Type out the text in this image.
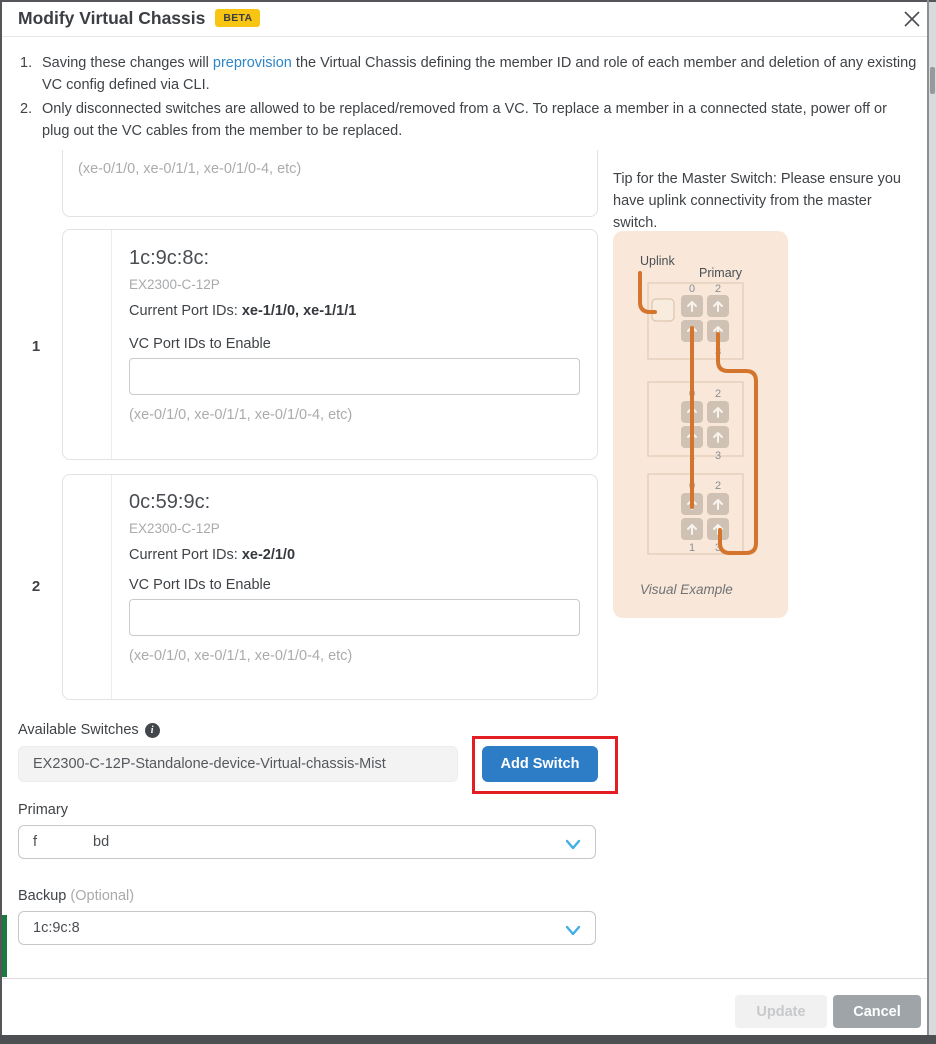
Modify Virtual Chassis	BETA
1. Saving these changes will preprovision the Virtual Chassis defining the member ID and role of each member and deletion of any existing VC config defined via CLI.
2. Only disconnected switches are allowed to be replaced/removed from a VC. To replace a member in a connected state, power off or plug out the VC cables from the member to be replaced.
(xe-0/1/0, xe-0/1/1, xe-0/1/0-4, etc)
1
1c:9c:8c:
EX2300-C-12P
Current Port IDs: xe-1/1/0, xe-1/1/1
VC Port IDs to Enable
(xe-0/1/0, xe-0/1/1, xe-0/1/0-4, etc)
2
0c:59:9c:
EX2300-C-12P
Current Port IDs: xe-2/1/0
VC Port IDs to Enable
(xe-0/1/0, xe-0/1/1, xe-0/1/0-4, etc)
Tip for the Master Switch: Please ensure you have uplink connectivity from the master switch.
0 2
3
0 2
1 3
0 2
1 3
Uplink
Primary
Visual Example
Available Switches	i
EX2300-C-12P-Standalone-device-Virtual-chassis-Mist	Add Switch
Primary
f	bd
Backup (Optional)
1c:9c:8
Update	Cancel
